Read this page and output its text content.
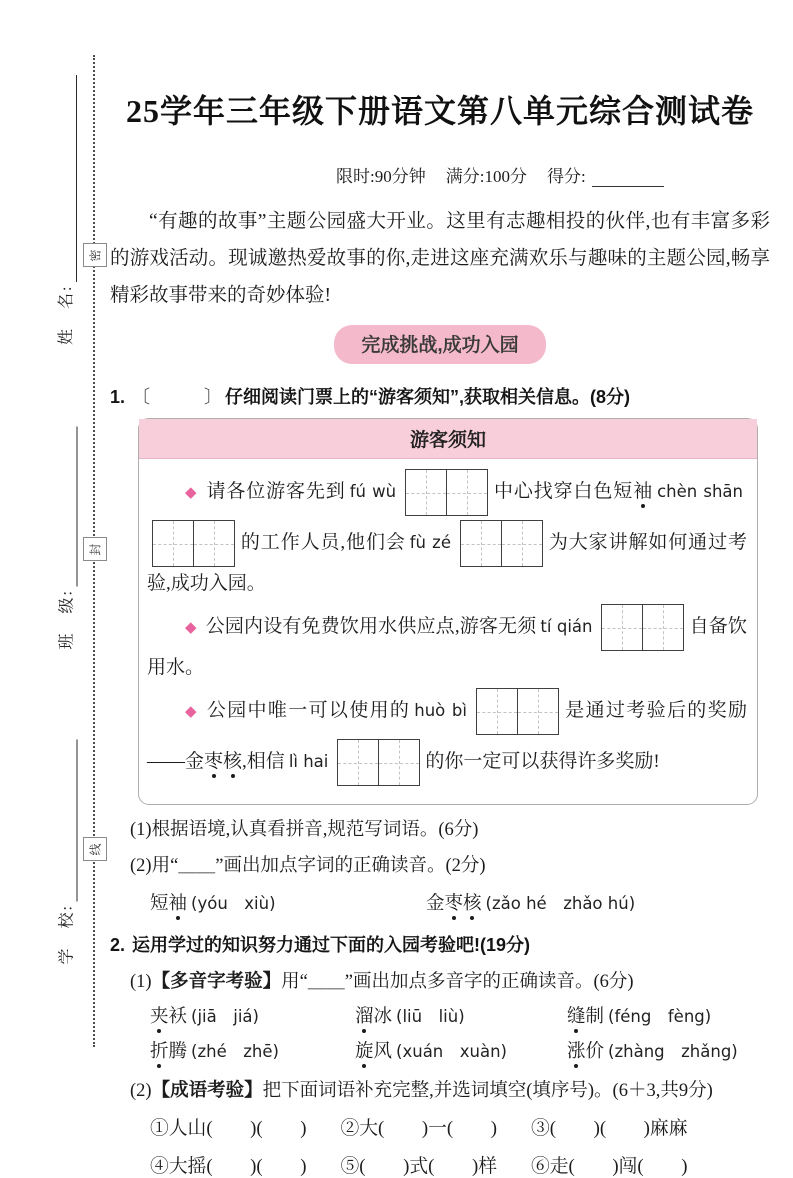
密
封
线
姓　名:
班　级:
学　校:
25学年三年级下册语文第八单元综合测试卷
限时:90分钟 满分:100分 得分:

“有趣的故事”主题公园盛大开业。这里有志趣相投的伙伴,也有丰富多彩的游戏活动。现诚邀热爱故事的你,走进这座充满欢乐与趣味的主题公园,畅享精彩故事带来的奇妙体验!

完成挑战,成功入园
1. 〔　　　〕 仔细阅读门票上的“游客须知”,获取相关信息。(8分)
游客须知

◆ 请各位游客先到 fú wù	中心找穿白色短袖 chèn shān
的工作人员,他们会 fù zé	为大家讲解如何通过考验,成功入园。

◆ 公园内设有免费饮用水供应点,游客无须 tí qián	自备饮用水。

◆ 公园中唯一可以使用的 huò bì	是通过考验后的奖励——金枣核,相信 lì hai	的你一定可以获得许多奖励!

(1)根据语境,认真看拼音,规范写词语。(6分)

(2)用“＿＿”画出加点字词的正确读音。(2分)

短袖 (yóu　xiù)	金枣核 (zǎo hé　zhǎo hú)
2. 运用学过的知识努力通过下面的入园考验吧!(19分)

(1)【多音字考验】用“＿＿”画出加点多音字的正确读音。(6分)

夹袄 (jiā　jiá)	溜冰 (liū　liù)	缝制 (féng　fèng)
折腾 (zhé　zhē)	旋风 (xuán　xuàn)	涨价 (zhàng　zhǎng)

(2)【成语考验】把下面词语补充完整,并选词填空(填序号)。(6＋3,共9分)

①人山(　　)(　　) ②大(　　)一(　　) ③(　　)(　　)麻麻
④大摇(　　)(　　) ⑤(　　)式(　　)样 ⑥走(　　)闯(　　)
